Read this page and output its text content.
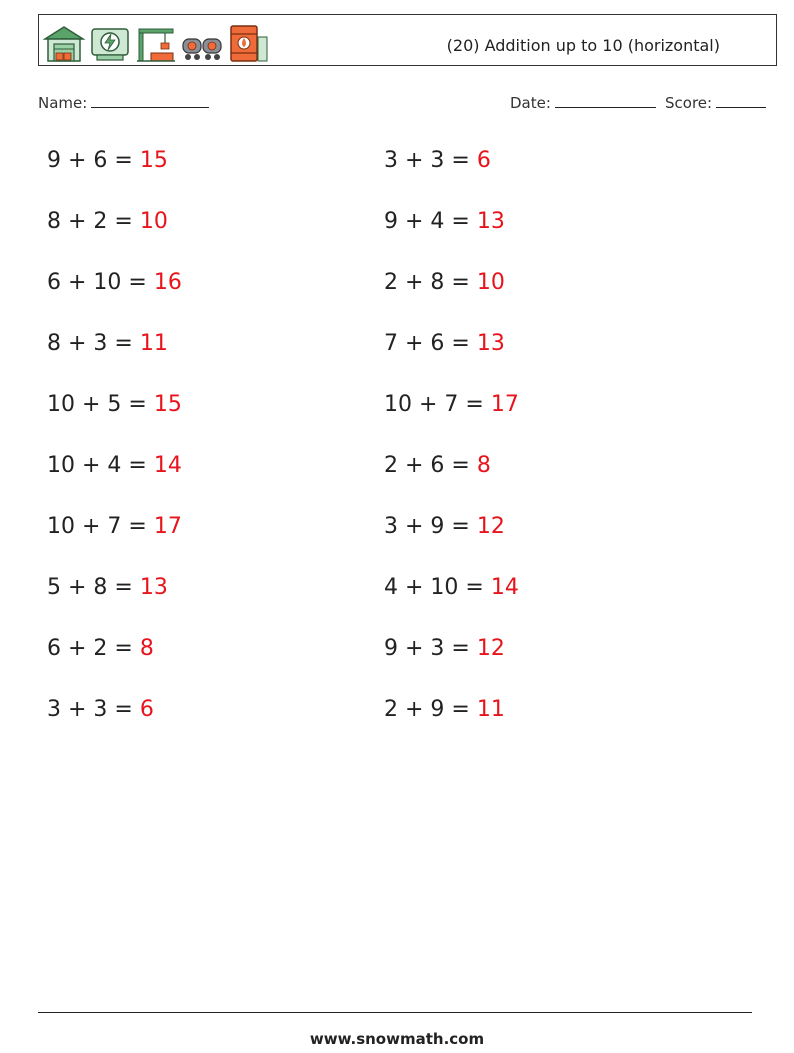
(20) Addition up to 10 (horizontal)
Name:	Date:	Score:
9 + 6 = 15	3 + 3 = 6
8 + 2 = 10	9 + 4 = 13
6 + 10 = 16	2 + 8 = 10
8 + 3 = 11	7 + 6 = 13
10 + 5 = 15	10 + 7 = 17
10 + 4 = 14	2 + 6 = 8
10 + 7 = 17	3 + 9 = 12
5 + 8 = 13	4 + 10 = 14
6 + 2 = 8	9 + 3 = 12
3 + 3 = 6	2 + 9 = 11
www.snowmath.com
